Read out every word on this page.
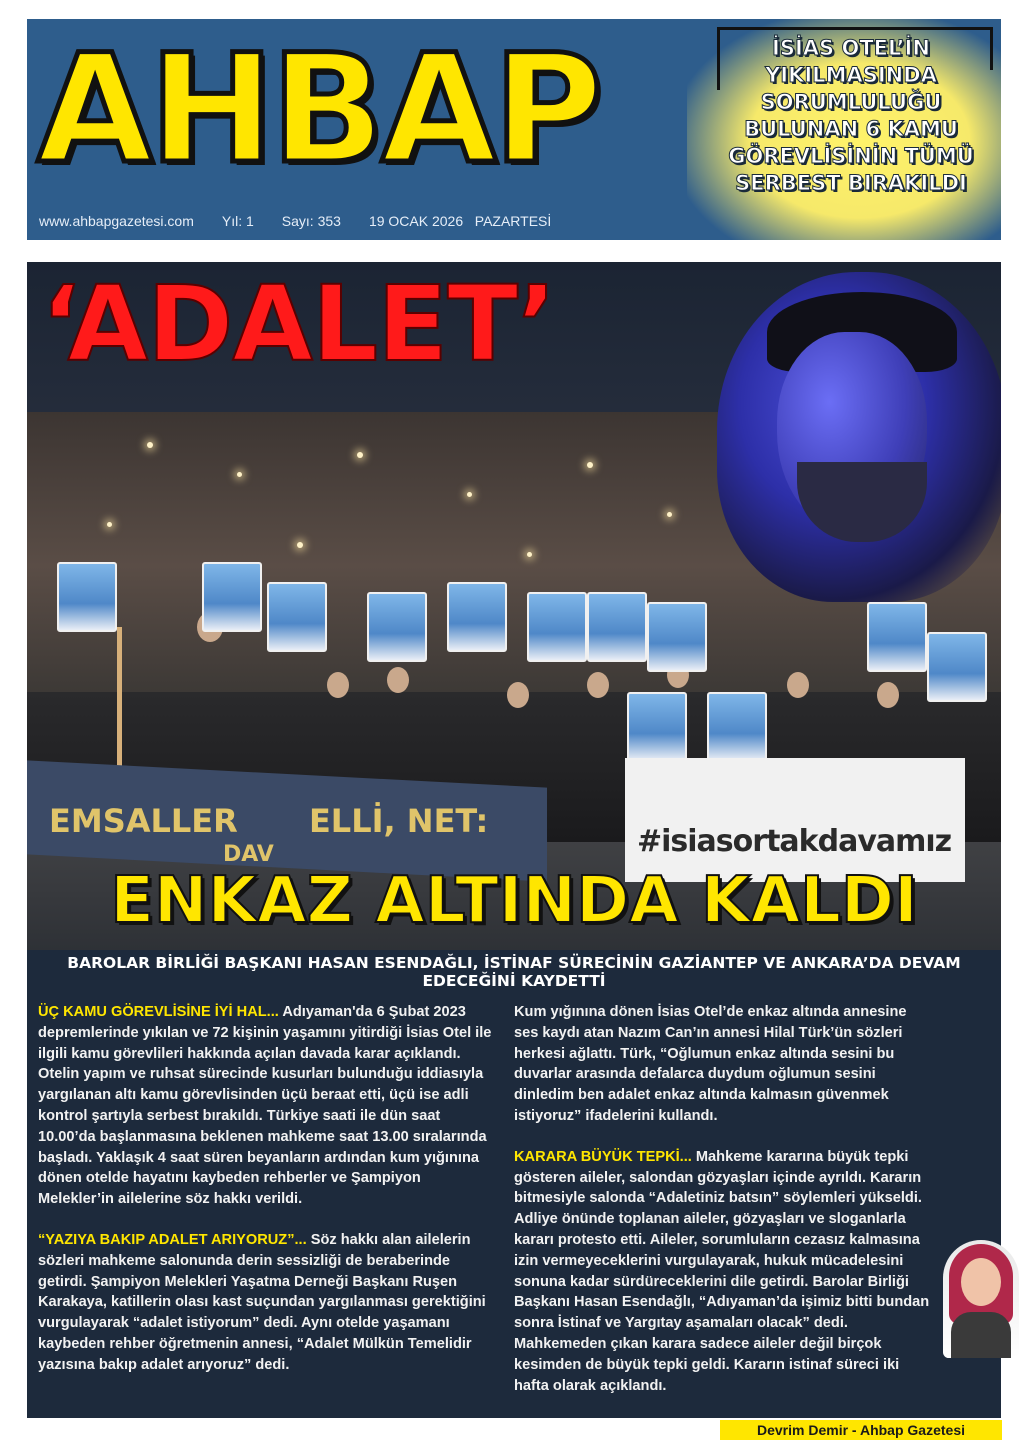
AHBAP
www.ahbapgazetesi.com Yıl: 1 Sayı: 353 19 OCAK 2026 PAZARTESİ
İSİAS OTEL’İN YIKILMASINDA SORUMLULUĞU BULUNAN 6 KAMU GÖREVLİSİNİN TÜMÜ SERBEST BIRAKILDI
EMSALLER ELLİ, NET:
DAV	#isiasortakdavamız
‘ADALET’
ENKAZ ALTINDA KALDI
BAROLAR BİRLİĞİ BAŞKANI HASAN ESENDAĞLI, İSTİNAF SÜRECİNİN GAZİANTEP VE ANKARA’DA DEVAM EDECEĞİNİ KAYDETTİ

ÜÇ KAMU GÖREVLİSİNE İYİ HAL... Adıyaman'da 6 Şubat 2023 depremlerinde yıkılan ve 72 kişinin yaşamını yitirdiği İsias Otel ile ilgili kamu görevlileri hakkında açılan davada karar açıklandı. Otelin yapım ve ruhsat sürecinde kusurları bulunduğu iddiasıyla yargılanan altı kamu görevlisinden üçü beraat etti, üçü ise adli kontrol şartıyla serbest bırakıldı. Türkiye saati ile dün saat 10.00’da başlanmasına beklenen mahkeme saat 13.00 sıralarında başladı. Yaklaşık 4 saat süren beyanların ardından kum yığınına dönen otelde hayatını kaybeden rehberler ve Şampiyon Melekler’in ailelerine söz hakkı verildi.

“YAZIYA BAKIP ADALET ARIYORUZ”... Söz hakkı alan ailelerin sözleri mahkeme salonunda derin sessizliği de beraberinde getirdi. Şampiyon Melekleri Yaşatma Derneği Başkanı Ruşen Karakaya, katillerin olası kast suçundan yargılanması gerektiğini vurgulayarak “adalet istiyorum” dedi. Aynı otelde yaşamanı kaybeden rehber öğretmenin annesi, “Adalet Mülkün Temelidir yazısına bakıp adalet arıyoruz” dedi.

Kum yığınına dönen İsias Otel’de enkaz altında annesine ses kaydı atan Nazım Can’ın annesi Hilal Türk’ün sözleri herkesi ağlattı. Türk, “Oğlumun enkaz altında sesini bu duvarlar arasında defalarca duydum oğlumun sesini dinledim ben adalet enkaz altında kalmasın güvenmek istiyoruz” ifadelerini kullandı.

KARARA BÜYÜK TEPKİ... Mahkeme kararına büyük tepki gösteren aileler, salondan gözyaşları içinde ayrıldı. Kararın bitmesiyle salonda “Adaletiniz batsın” söylemleri yükseldi. Adliye önünde toplanan aileler, gözyaşları ve sloganlarla kararı protesto etti. Aileler, sorumluların cezasız kalmasına izin vermeyeceklerini vurgulayarak, hukuk mücadelesini sonuna kadar sürdüreceklerini dile getirdi. Barolar Birliği Başkanı Hasan Esendağlı, “Adıyaman’da işimiz bitti bundan sonra İstinaf ve Yargıtay aşamaları olacak” dedi. Mahkemeden çıkan karara sadece aileler değil birçok kesimden de büyük tepki geldi. Kararın istinaf süreci iki hafta olarak açıklandı.

Devrim Demir - Ahbap Gazetesi
